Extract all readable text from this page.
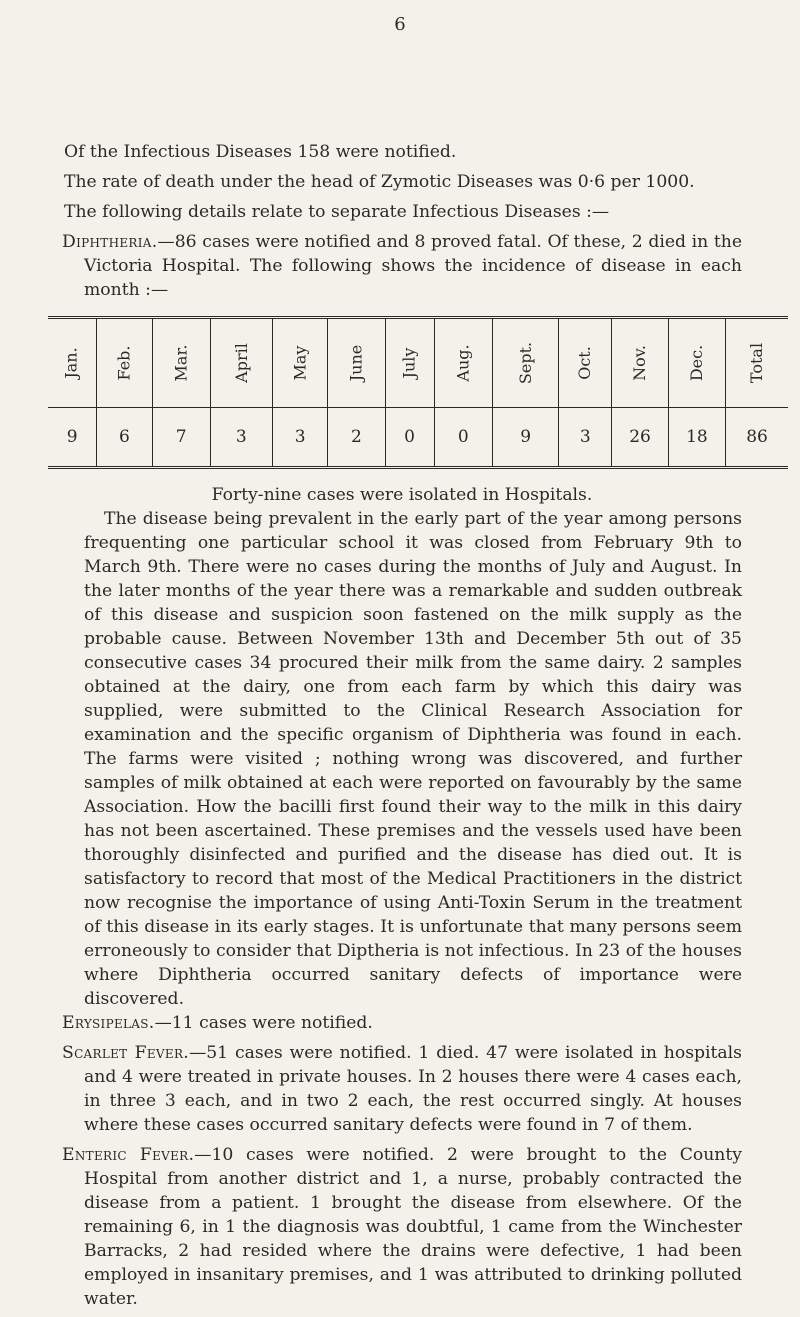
6

Of the Infectious Diseases 158 were notified.

The rate of death under the head of Zymotic Diseases was 0·6 per 1000.

The following details relate to separate Infectious Diseases :—

Diphtheria.—86 cases were notified and 8 proved fatal. Of these, 2 died in the Victoria Hospital. The following shows the incidence of disease in each month :—

Jan.	Feb.	Mar.	April	May	June	July	Aug.	Sept.	Oct.	Nov.	Dec.	Total
9	6	7	3	3	2	0	0	9	3	26	18	86

Forty-nine cases were isolated in Hospitals.

The disease being prevalent in the early part of the year among persons frequenting one particular school it was closed from February 9th to March 9th. There were no cases during the months of July and August. In the later months of the year there was a remarkable and sudden outbreak of this disease and suspicion soon fastened on the milk supply as the probable cause. Between November 13th and December 5th out of 35 consecutive cases 34 procured their milk from the same dairy. 2 samples obtained at the dairy, one from each farm by which this dairy was supplied, were submitted to the Clinical Research Association for examination and the specific organism of Diphtheria was found in each. The farms were visited ; nothing wrong was discovered, and further samples of milk obtained at each were reported on favourably by the same Association. How the bacilli first found their way to the milk in this dairy has not been ascertained. These premises and the vessels used have been thoroughly disinfected and purified and the disease has died out. It is satisfactory to record that most of the Medical Practitioners in the district now recognise the importance of using Anti-Toxin Serum in the treatment of this disease in its early stages. It is unfortunate that many persons seem erroneously to consider that Diptheria is not infectious. In 23 of the houses where Diphtheria occurred sanitary defects of importance were discovered.

Erysipelas.—11 cases were notified.

Scarlet Fever.—51 cases were notified. 1 died. 47 were isolated in hospitals and 4 were treated in private houses. In 2 houses there were 4 cases each, in three 3 each, and in two 2 each, the rest occurred singly. At houses where these cases occurred sanitary defects were found in 7 of them.

Enteric Fever.—10 cases were notified. 2 were brought to the County Hospital from another district and 1, a nurse, probably contracted the disease from a patient. 1 brought the disease from elsewhere. Of the remaining 6, in 1 the diagnosis was doubtful, 1 came from the Winchester Barracks, 2 had resided where the drains were defective, 1 had been employed in insanitary premises, and 1 was attributed to drinking polluted water.
